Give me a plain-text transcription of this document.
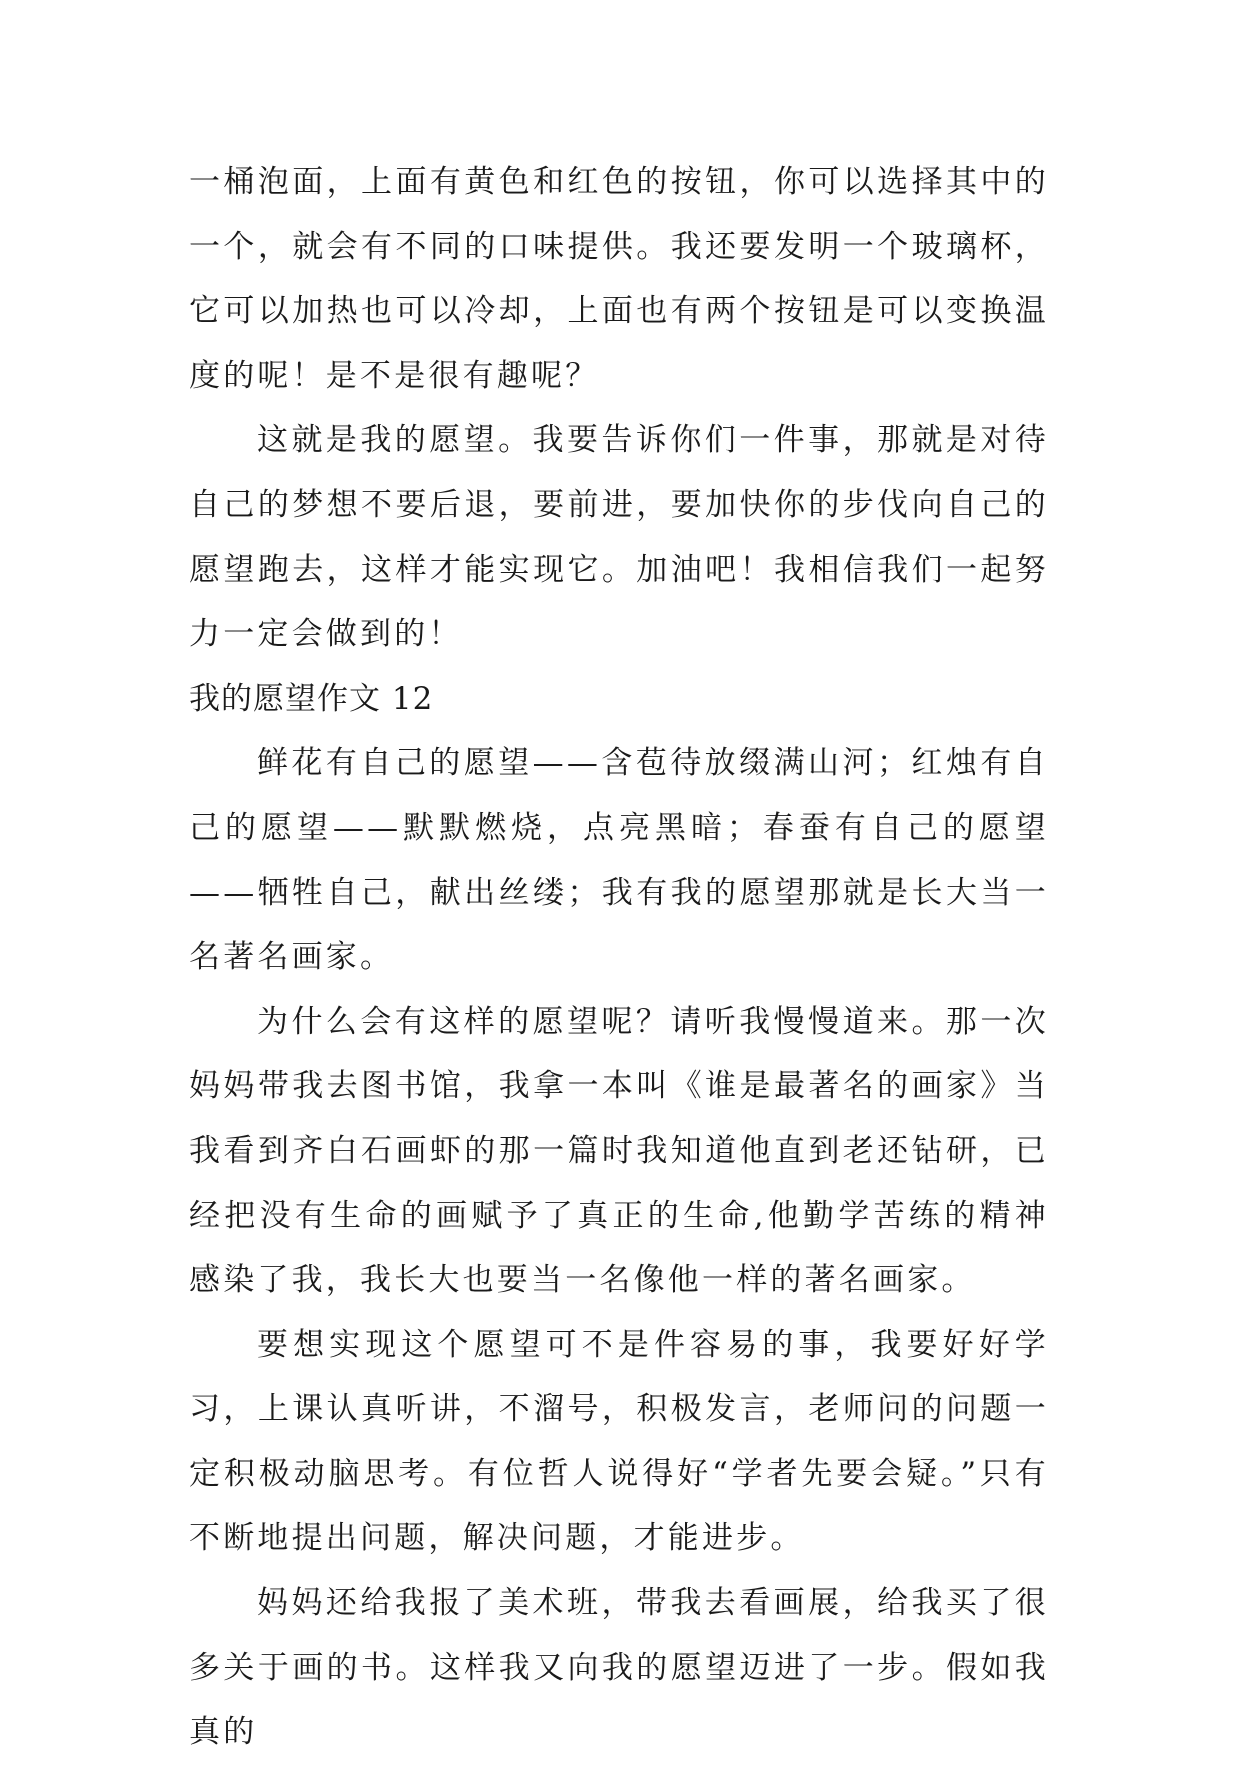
一桶泡面，上面有黄色和红色的按钮，你可以选择其中的一个，就会有不同的口味提供。我还要发明一个玻璃杯，它可以加热也可以冷却，上面也有两个按钮是可以变换温度的呢！是不是很有趣呢？

这就是我的愿望。我要告诉你们一件事，那就是对待自己的梦想不要后退，要前进，要加快你的步伐向自己的愿望跑去，这样才能实现它。加油吧！我相信我们一起努力一定会做到的！

我的愿望作文 12

鲜花有自己的愿望——含苞待放缀满山河；红烛有自己的愿望——默默燃烧，点亮黑暗；春蚕有自己的愿望——牺牲自己，献出丝缕；我有我的愿望那就是长大当一名著名画家。

为什么会有这样的愿望呢？请听我慢慢道来。那一次妈妈带我去图书馆，我拿一本叫《谁是最著名的画家》当我看到齐白石画虾的那一篇时我知道他直到老还钻研，已经把没有生命的画赋予了真正的生命,他勤学苦练的精神感染了我，我长大也要当一名像他一样的著名画家。

要想实现这个愿望可不是件容易的事，我要好好学习，上课认真听讲，不溜号，积极发言，老师问的问题一定积极动脑思考。有位哲人说得好“学者先要会疑。”只有不断地提出问题，解决问题，才能进步。

妈妈还给我报了美术班，带我去看画展，给我买了很多关于画的书。这样我又向我的愿望迈进了一步。假如我真的
